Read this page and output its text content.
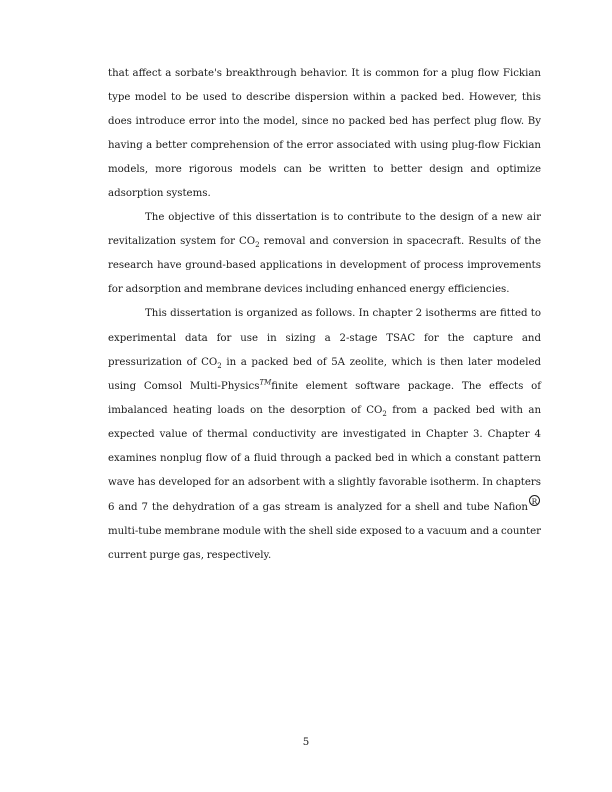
that affect a sorbate's breakthrough behavior. It is common for a plug flow Fickian type model to be used to describe dispersion within a packed bed. However, this does introduce error into the model, since no packed bed has perfect plug flow. By having a better comprehension of the error associated with using plug-flow Fickian models, more rigorous models can be written to better design and optimize adsorption systems.

The objective of this dissertation is to contribute to the design of a new air revitalization system for $CO_2$ removal and conversion in spacecraft. Results of the research have ground-based applications in development of process improvements for adsorption and membrane devices including enhanced energy efficiencies.

This dissertation is organized as follows. In chapter 2 isotherms are fitted to experimental data for use in sizing a 2-stage TSAC for the capture and pressurization of $CO_2$ in a packed bed of 5A zeolite, which is then later modeled using Comsol Multi-Physics™finite element software package. The effects of imbalanced heating loads on the desorption of $CO_2$ from a packed bed with an expected value of thermal conductivity are investigated in Chapter 3. Chapter 4 examines nonplug flow of a fluid through a packed bed in which a constant pattern wave has developed for an adsorbent with a slightly favorable isotherm. In chapters 6 and 7 the dehydration of a gas stream is analyzed for a shell and tube NafionR multi-tube membrane module with the shell side exposed to a vacuum and a counter current purge gas, respectively.

5
